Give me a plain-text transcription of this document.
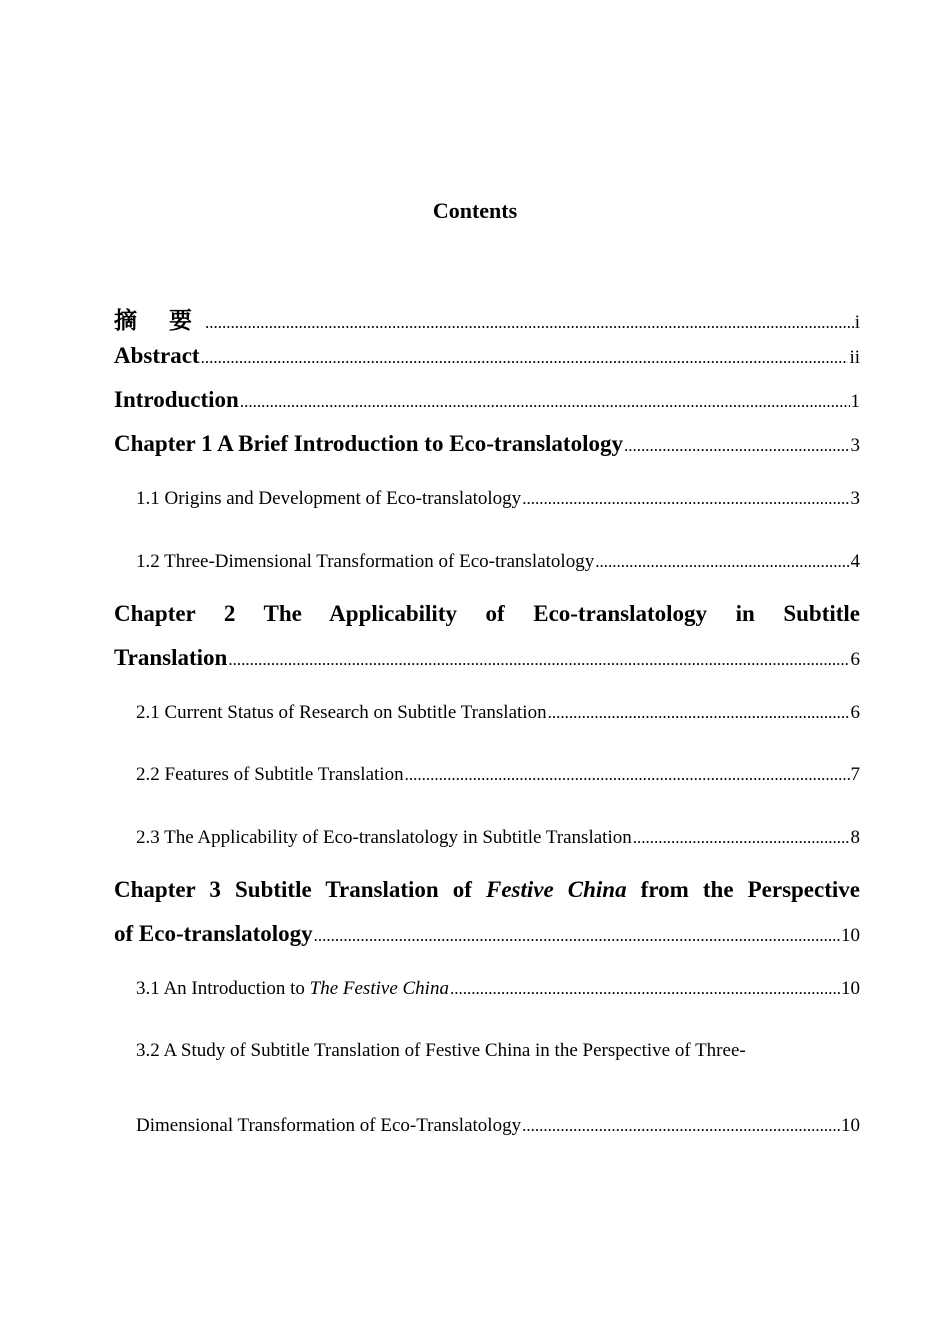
Contents
摘 要 .....	i
Abstract .....	ii
Introduction .....	1
Chapter 1 A Brief Introduction to Eco-translatology .....	3
1.1 Origins and Development of Eco-translatology .....	3
1.2 Three-Dimensional Transformation of Eco-translatology .....	4
Chapter 2 The Applicability of Eco-translatology in Subtitle
Translation .....	6
2.1 Current Status of Research on Subtitle Translation .....	6
2.2 Features of Subtitle Translation .....	7
2.3 The Applicability of Eco-translatology in Subtitle Translation .....	8
Chapter 3 Subtitle Translation of Festive China from the Perspective
of Eco-translatology .....	10
3.1 An Introduction to The Festive China .....	10
3.2 A Study of Subtitle Translation of Festive China in the Perspective of Three-
Dimensional Transformation of Eco-Translatology .....	10
